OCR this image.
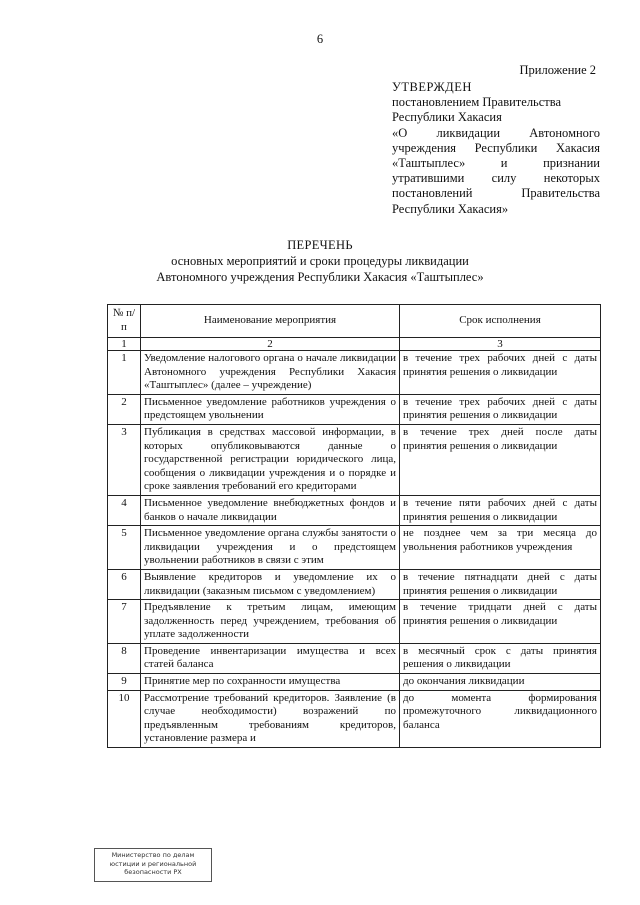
6
Приложение 2
УТВЕРЖДЕН
постановлением Правительства
Республики Хакасия
«О ликвидации Автономного
учреждения Республики Хакасия
«Таштыплес» и признании
утратившими силу некоторых
постановлений Правительства
Республики Хакасия»
ПЕРЕЧЕНЬ
основных мероприятий и сроки процедуры ликвидации
Автономного учреждения Республики Хакасия «Таштыплес»
№ п/п	Наименование мероприятия	Срок исполнения
1	2	3
1	Уведомление налогового органа о начале ликвидации Автономного учреждения Республики Хакасия «Таштыплес» (далее – учреждение)	в течение трех рабочих дней с даты принятия решения о ликвидации
2	Письменное уведомление работников учреждения о предстоящем увольнении	в течение трех рабочих дней с даты принятия решения о ликвидации
3	Публикация в средствах массовой информации, в которых опубликовываются данные о государственной регистрации юридического лица, сообщения о ликвидации учреждения и о порядке и сроке заявления требований его кредиторами	в течение трех дней после даты принятия решения о ликвидации
4	Письменное уведомление внебюджетных фондов и банков о начале ликвидации	в течение пяти рабочих дней с даты принятия решения о ликвидации
5	Письменное уведомление органа службы занятости о ликвидации учреждения и о предстоящем увольнении работников в связи с этим	не позднее чем за три месяца до увольнения работников учреждения
6	Выявление кредиторов и уведомление их о ликвидации (заказным письмом с уведомлением)	в течение пятнадцати дней с даты принятия решения о ликвидации
7	Предъявление к третьим лицам, имеющим задолженность перед учреждением, требования об уплате задолженности	в течение тридцати дней с даты принятия решения о ликвидации
8	Проведение инвентаризации имущества и всех статей баланса	в месячный срок с даты принятия решения о ликвидации
9	Принятие мер по сохранности имущества	до окончания ликвидации
10	Рассмотрение требований кредиторов. Заявление (в случае необходимости) возражений по предъявленным требованиям кредиторов, установление размера и	до момента формирования промежуточного ликвидационного баланса
Министерство по делам
юстиции и региональной
безопасности РХ
